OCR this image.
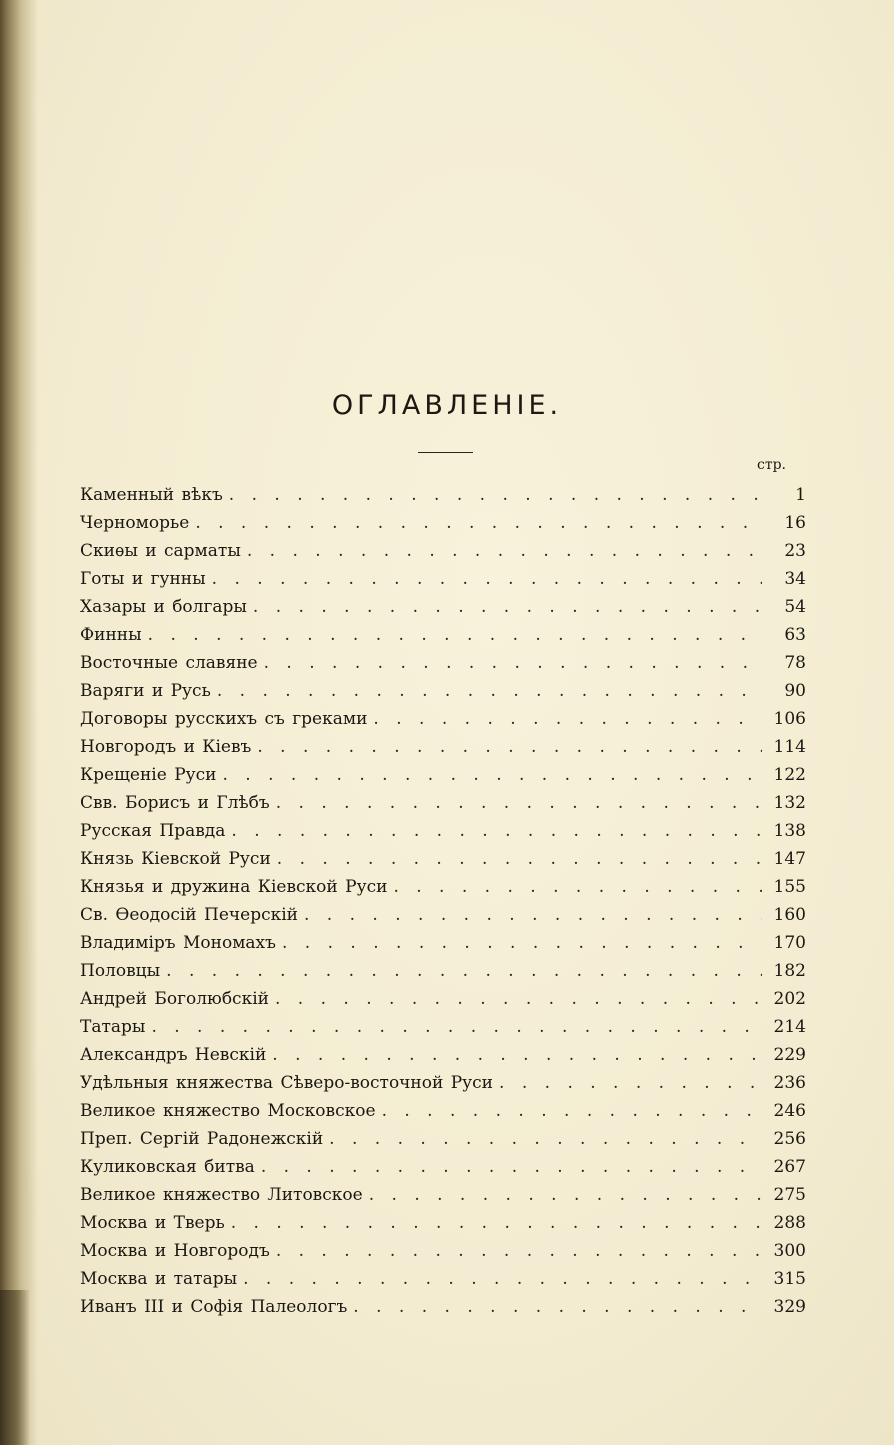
ОГЛАВЛЕНІЕ.
стр.
Каменный вѣкъ . . .	1
Черноморье . . .	16
Скиѳы и сарматы . . .	23
Готы и гунны . . .	34
Хазары и болгары . . .	54
Финны . . .	63
Восточные славяне . . .	78
Варяги и Русь . . .	90
Договоры русскихъ съ греками . . .	106
Новгородъ и Кіевъ . . .	114
Крещеніе Руси . . .	122
Свв. Борисъ и Глѣбъ . . .	132
Русская Правда . . .	138
Князь Кіевской Руси . . .	147
Князья и дружина Кіевской Руси . . .	155
Св. Ѳеодосій Печерскій . . .	160
Владиміръ Мономахъ . . .	170
Половцы . . .	182
Андрей Боголюбскій . . .	202
Татары . . .	214
Александръ Невскій . . .	229
Удѣльныя княжества Сѣверо-восточной Руси . . .	236
Великое княжество Московское . . .	246
Преп. Сергій Радонежскій . . .	256
Куликовская битва . . .	267
Великое княжество Литовское . . .	275
Москва и Тверь . . .	288
Москва и Новгородъ . . .	300
Москва и татары . . .	315
Иванъ III и Софія Палеологъ . . .	329
